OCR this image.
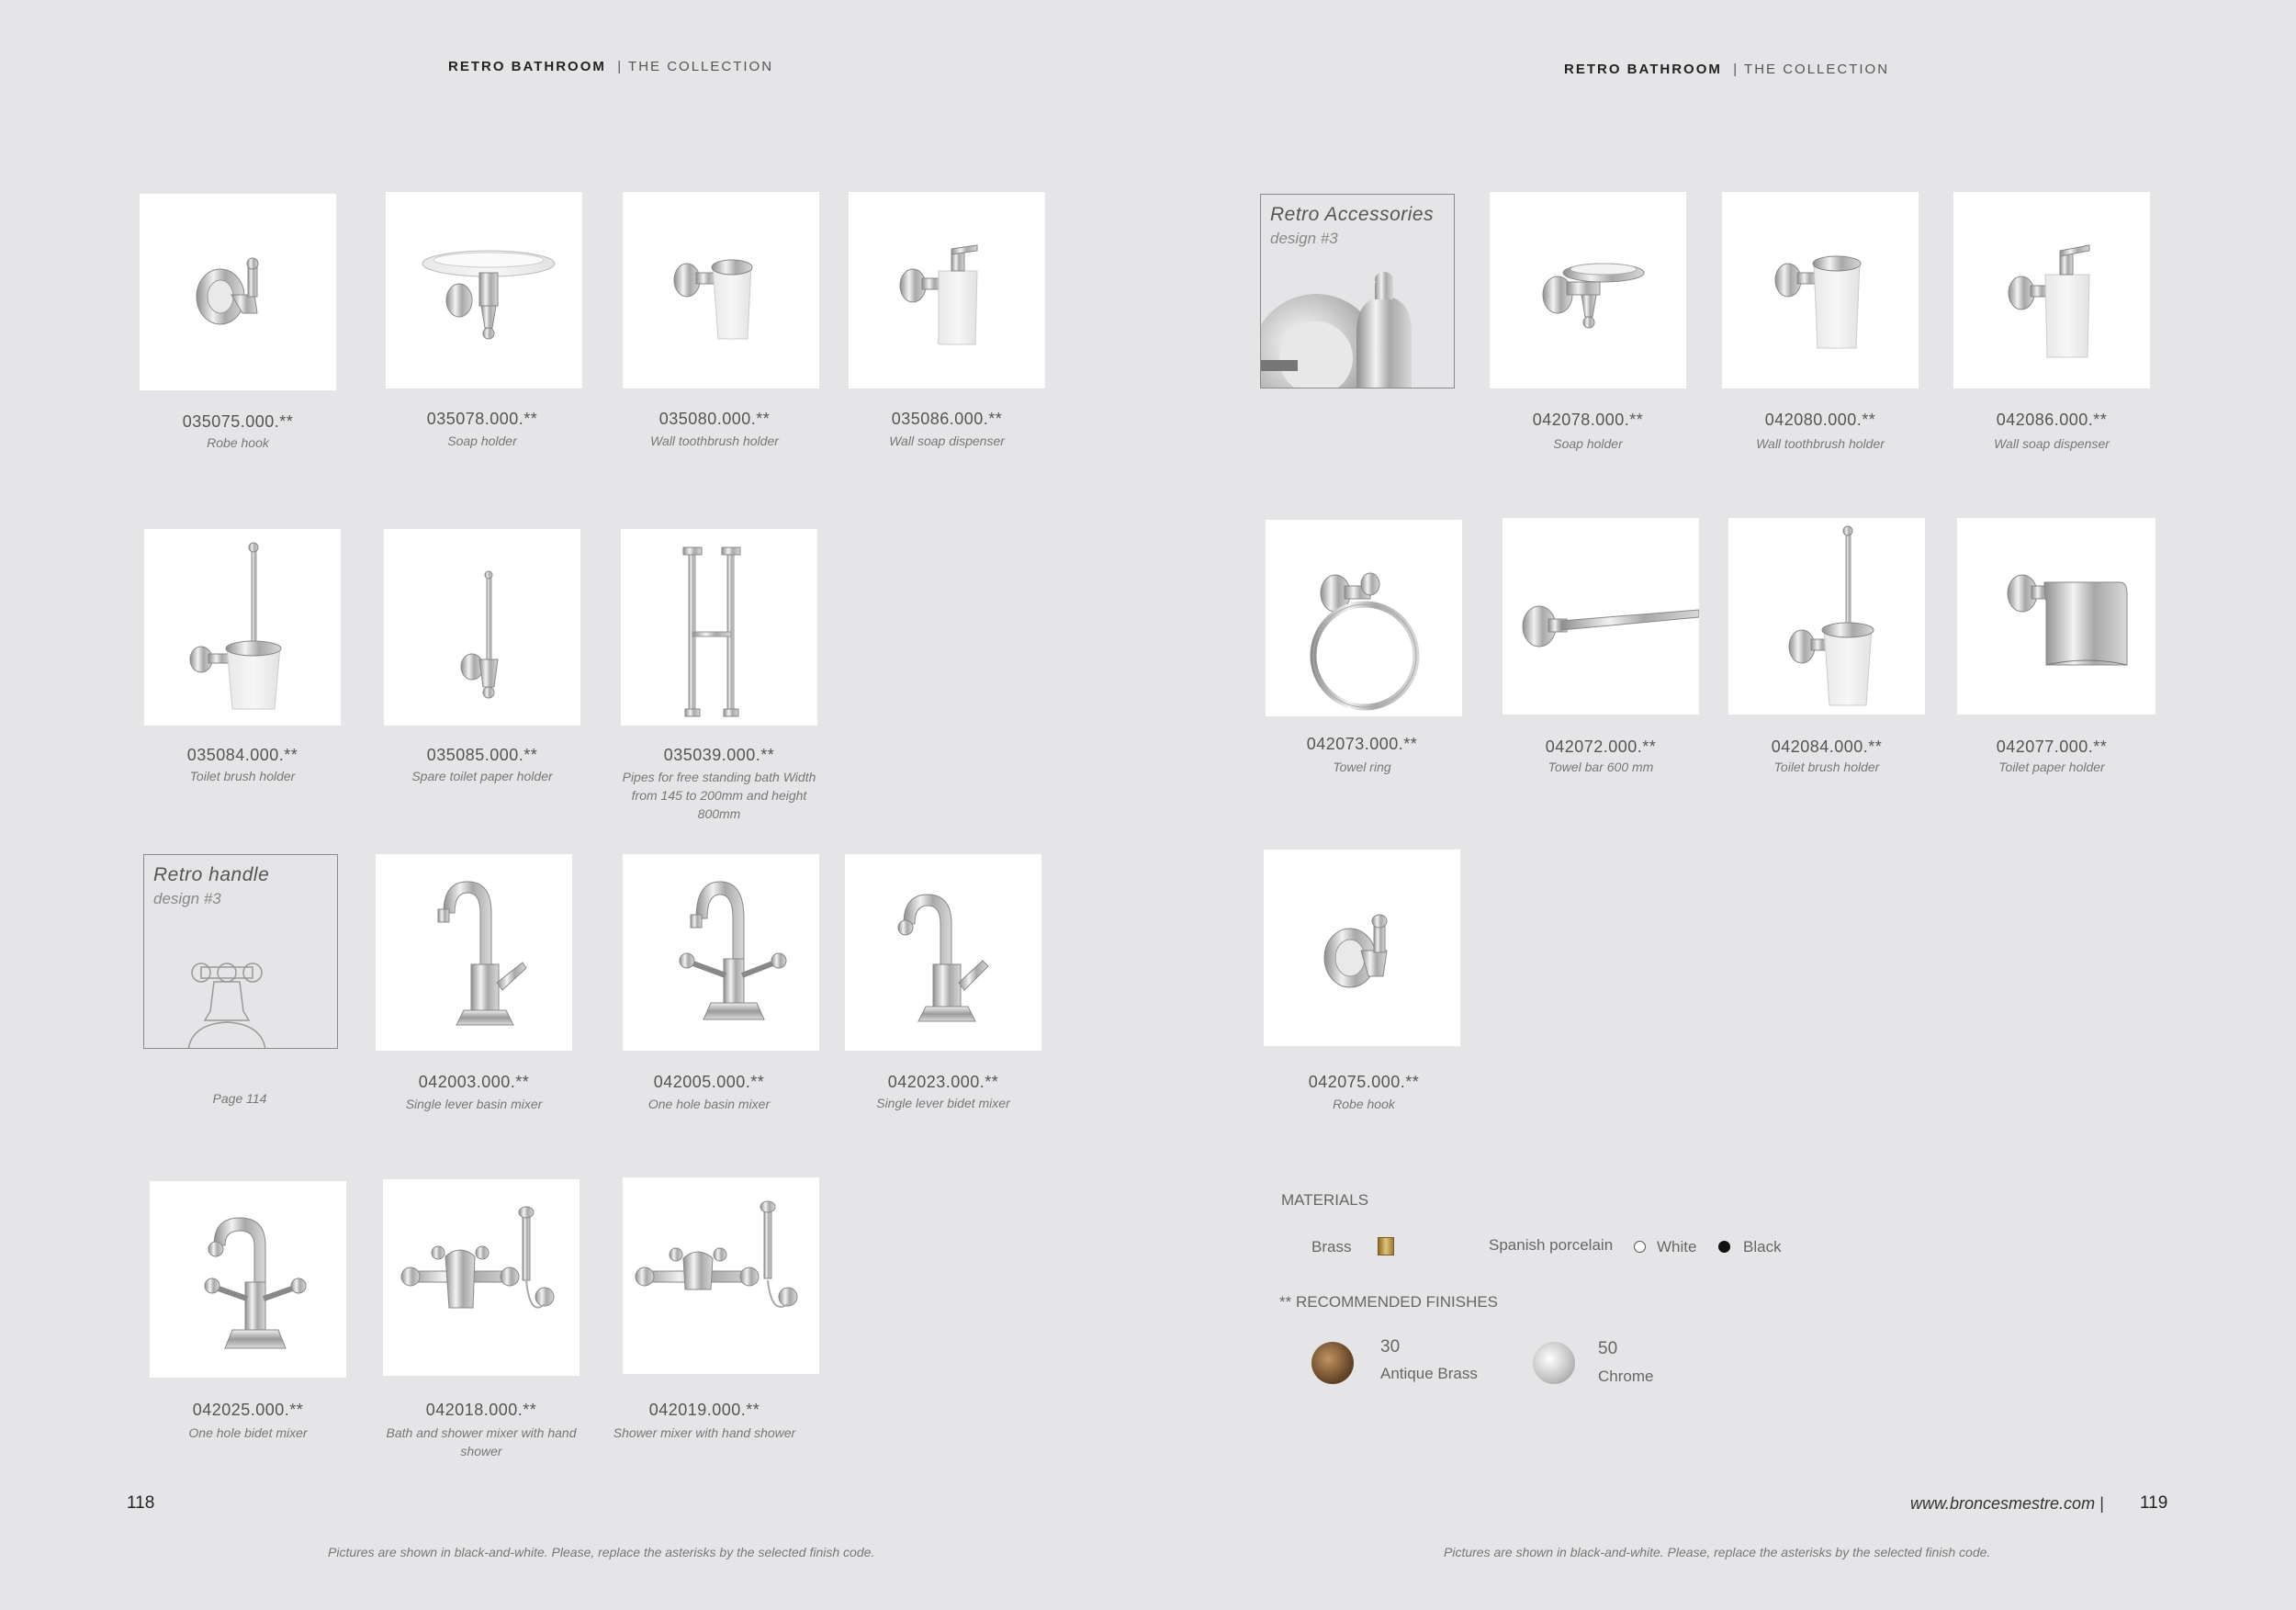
RETRO BATHROOM | THE COLLECTION
035075.000.**
Robe hook
035078.000.**
Soap holder
035080.000.**
Wall toothbrush holder
035086.000.**
Wall soap dispenser
035084.000.**
Toilet brush holder
035085.000.**
Spare toilet paper holder
035039.000.**
Pipes for free standing bath Width from 145 to 200mm and height 800mm
Retro handle
design #3
Page 114
042003.000.**
Single lever basin mixer
042005.000.**
One hole basin mixer
042023.000.**
Single lever bidet mixer
042025.000.**
One hole bidet mixer
042018.000.**
Bath and shower mixer with hand shower
042019.000.**
Shower mixer with hand shower
118
Pictures are shown in black-and-white. Please, replace the asterisks by the selected finish code.
RETRO BATHROOM | THE COLLECTION
Retro Accessories
design #3
042078.000.**
Soap holder
042080.000.**
Wall toothbrush holder
042086.000.**
Wall soap dispenser
042073.000.**
Towel ring
042072.000.**
Towel bar 600 mm
042084.000.**
Toilet brush holder
042077.000.**
Toilet paper holder
042075.000.**
Robe hook
MATERIALS
Brass	Spanish porcelain	White	Black
** RECOMMENDED FINISHES
30
Antique Brass
50
Chrome
www.broncesmestre.com | 119
Pictures are shown in black-and-white. Please, replace the asterisks by the selected finish code.
